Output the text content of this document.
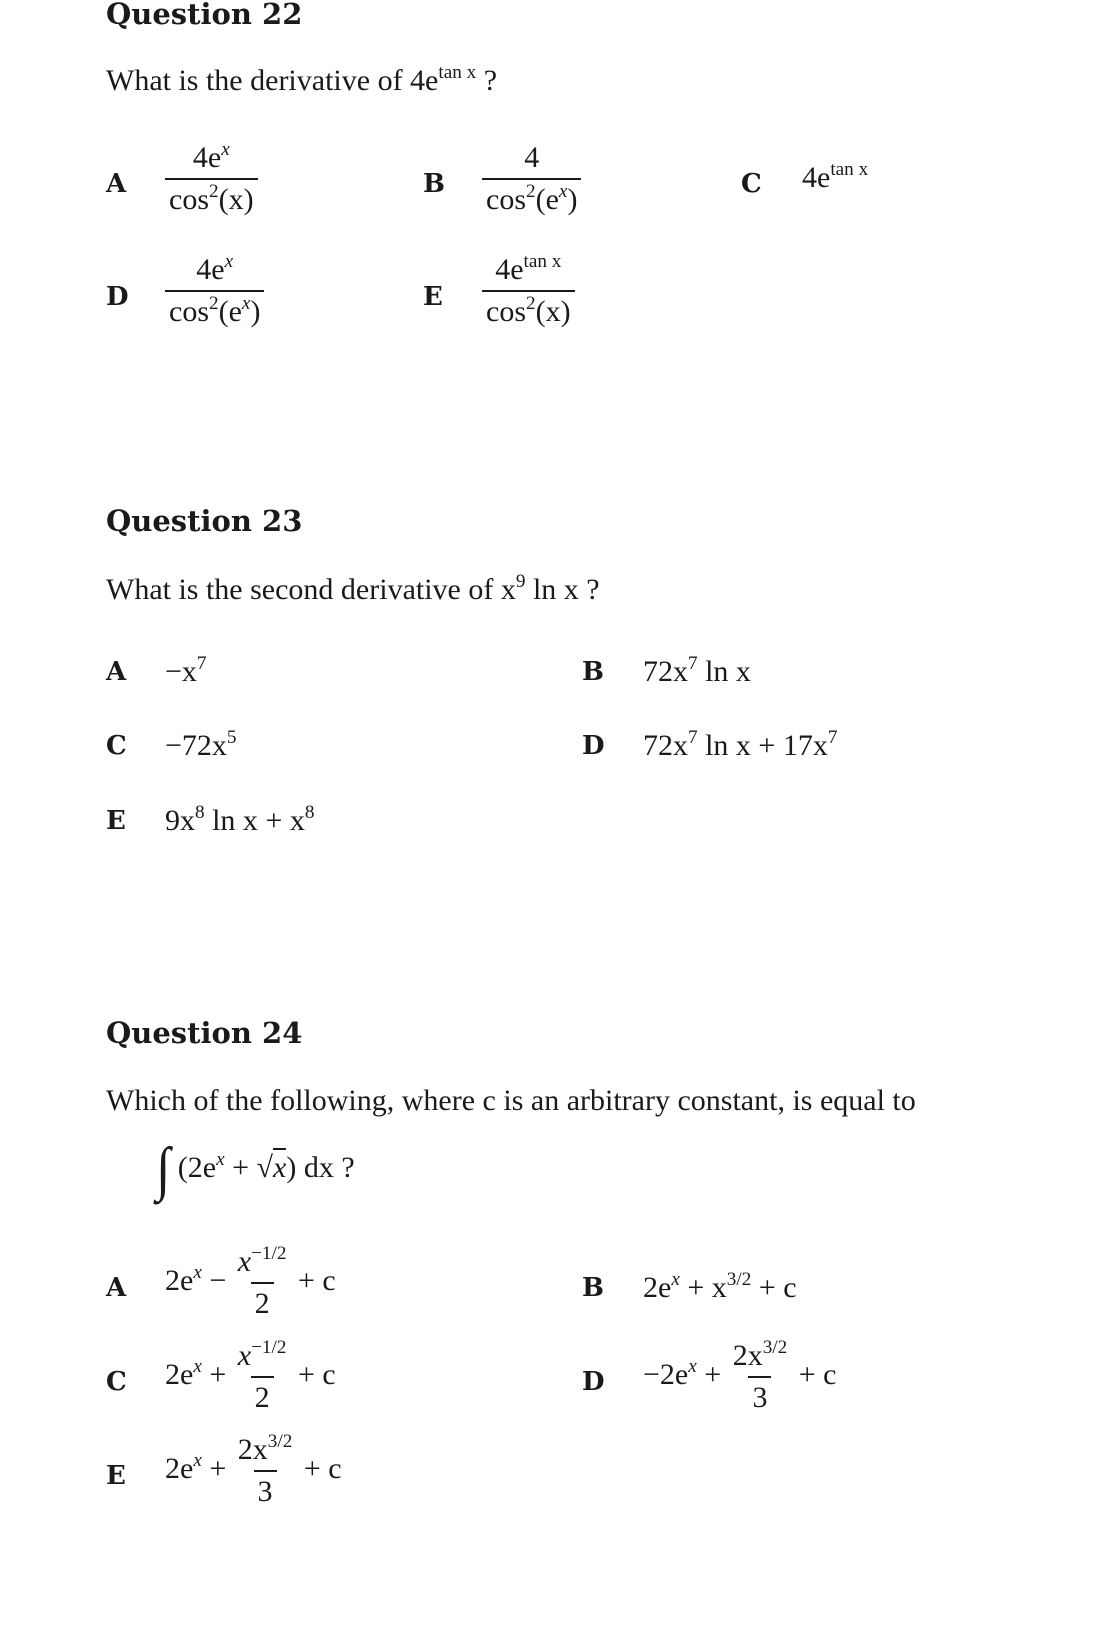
Question 22
What is the derivative of $4e^{tan x}$ ?
A $\frac{4e^x}{\cos^2(x)}$	B $\frac{4}{\cos^2(e^x)}$	C $4e^{tan x}$
D $\frac{4e^x}{\cos^2(e^x)}$	E $\frac{4e^{tan x}}{\cos^2(x)}$
Question 23
What is the second derivative of $x^9$ ln x ?
$A -x^7$	B $72x^7$ ln x
$C -72x^5$	D $72x^7$ $\ln x + 17x^7$
E $9x^8$ $\ln x + x^8$
Question 24
Which of the following, where c is an arbitrary constant, is equal to
∫ $(2e^x + √x)$ dx ?
A $2e^x - \frac{x^{-1/2}}{2} + c$	B $2e^x + x^{3/2} + c$
C $2e^x + \frac{x^{-1/2}}{2} + c$	$D -2e^x + \frac{2x^{3/2}}{3} + c$
E $2e^x + \frac{2x^{3/2}}{3} + c$
